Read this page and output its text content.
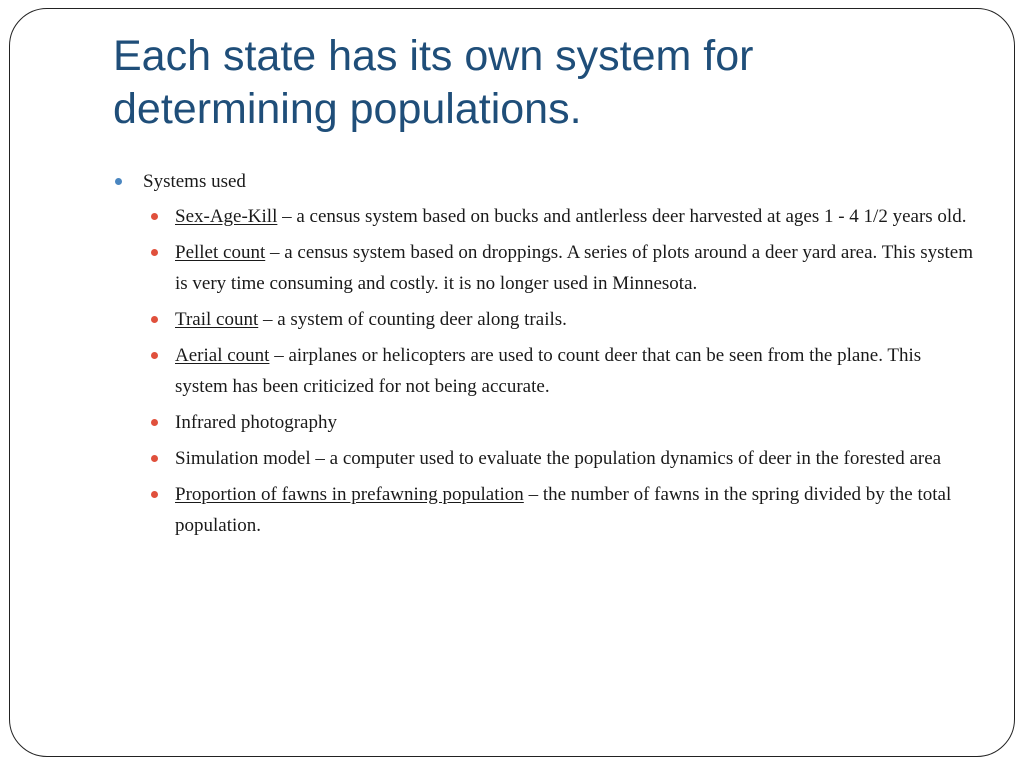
Each state has its own system for determining populations.
Systems used
Sex-Age-Kill – a census system based on bucks and antlerless deer harvested at ages 1 - 4 1/2 years old.
Pellet count – a census system based on droppings. A series of plots around a deer yard area. This system is very time consuming and costly. it is no longer used in Minnesota.
Trail count – a system of counting deer along trails.
Aerial count – airplanes or helicopters are used to count deer that can be seen from the plane. This system has been criticized for not being accurate.
Infrared photography
Simulation model – a computer used to evaluate the population dynamics of deer in the forested area
Proportion of fawns in prefawning population – the number of fawns in the spring divided by the total population.
